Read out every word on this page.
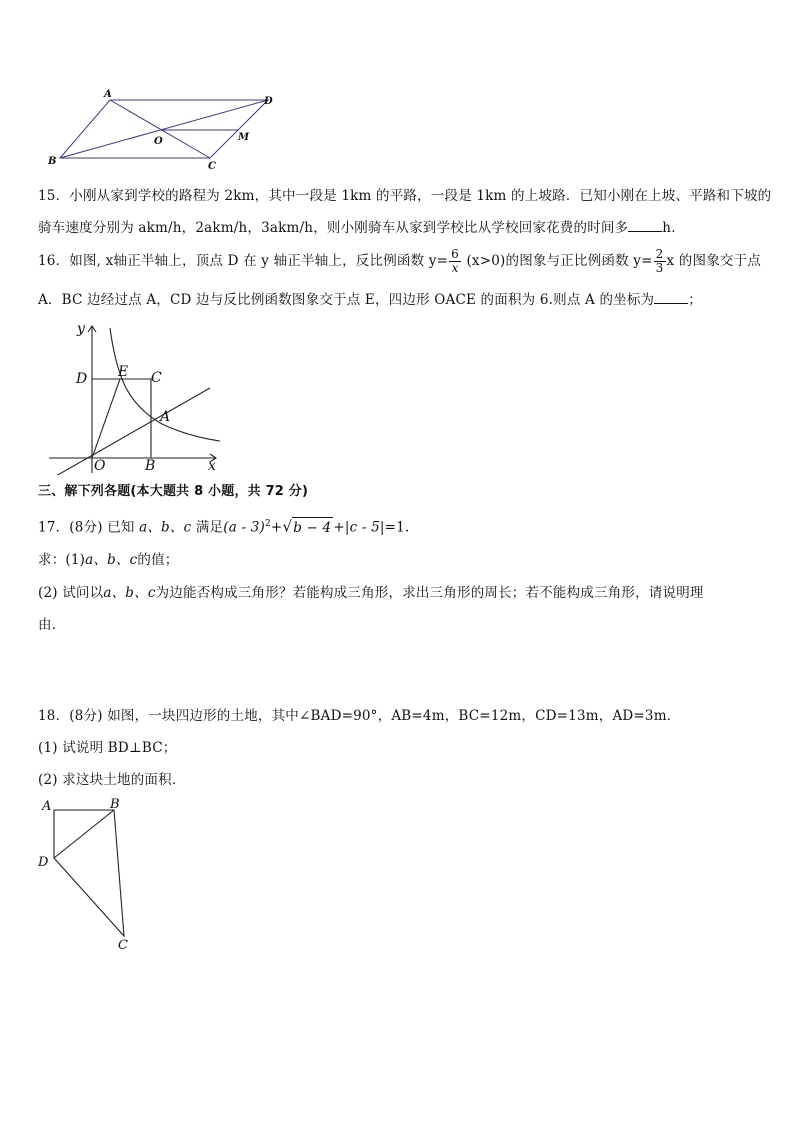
A
D
B	C
O	M
15．小刚从家到学校的路程为 2km，其中一段是 1km 的平路，一段是 1km 的上坡路．已知小刚在上坡、平路和下坡的
骑车速度分别为 akm/h，2akm/h，3akm/h，则小刚骑车从家到学校比从学校回家花费的时间多	h.
16．如图, x轴正半轴上，顶点 D 在 y 轴正半轴上，反比例函数 $y= \frac{6}{x} (x>0)$的图象与正比例函数 $y= \frac{2}{3}$ x 的图象交于点
A．BC 边经过点 A，CD 边与反比例函数图象交于点 E，四边形 OACE 的面积为 6.则点 A 的坐标为	；
y
x
D E C
A
O	B
三、解下列各题(本大题共 8 小题，共 72 分)
17．(8分) 已知 a、b、c 满足(a - 3)$^2$+√b − 4 +|c - 5|=1.
求：(1)a、b、c的值；
(2) 试问以a、b、c为边能否构成三角形？若能构成三角形，求出三角形的周长；若不能构成三角形，请说明理
由.
18．(8分) 如图，一块四边形的土地，其中∠BAD=90°，AB=4m，BC=12m，CD=13m，AD=3m．
(1) 试说明 BD⊥BC；
(2) 求这块土地的面积．
A	B
D
C
